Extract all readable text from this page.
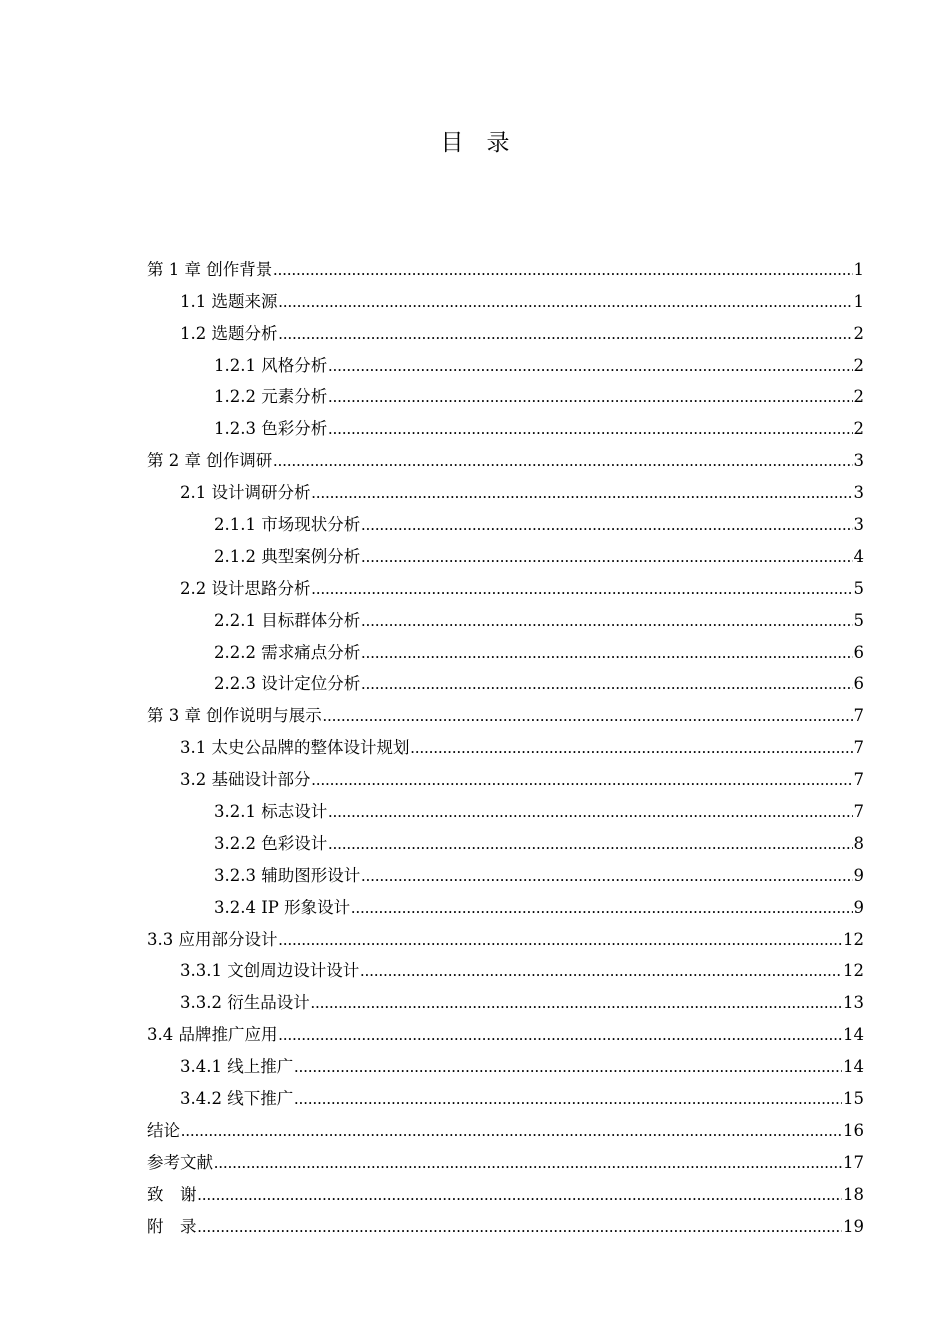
目　录
第 1 章 创作背景 .....	1
1.1 选题来源 .....	1
1.2 选题分析 .....	2
1.2.1 风格分析 .....	2
1.2.2 元素分析 .....	2
1.2.3 色彩分析 .....	2
第 2 章 创作调研 .....	3
2.1 设计调研分析 .....	3
2.1.1 市场现状分析 .....	3
2.1.2 典型案例分析 .....	4
2.2 设计思路分析 .....	5
2.2.1 目标群体分析 .....	5
2.2.2 需求痛点分析 .....	6
2.2.3 设计定位分析 .....	6
第 3 章 创作说明与展示 .....	7
3.1 太史公品牌的整体设计规划 .....	7
3.2 基础设计部分 .....	7
3.2.1 标志设计 .....	7
3.2.2 色彩设计 .....	8
3.2.3 辅助图形设计 .....	9
3.2.4 IP 形象设计 .....	9
3.3 应用部分设计 .....	12
3.3.1 文创周边设计设计 .....	12
3.3.2 衍生品设计 .....	13
3.4 品牌推广应用 .....	14
3.4.1 线上推广 .....	14
3.4.2 线下推广 .....	15
结论 .....	16
参考文献 .....	17
致　谢 .....	18
附　录 .....	19
